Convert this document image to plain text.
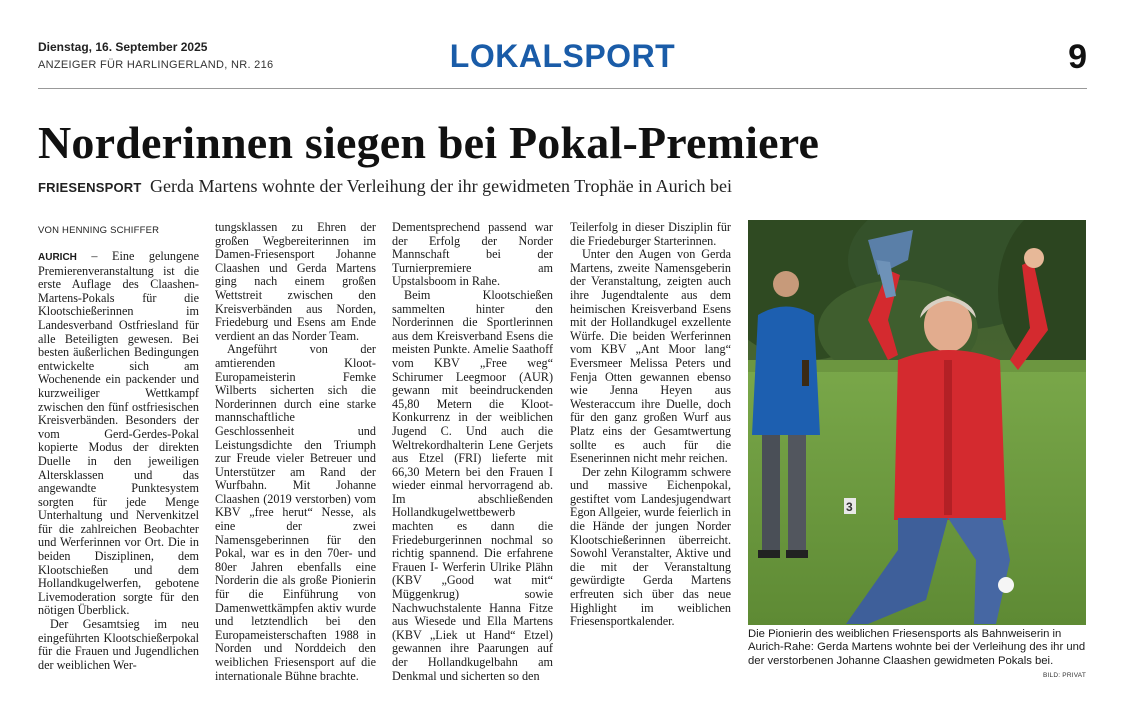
Dienstag, 16. September 2025
ANZEIGER FÜR HARLINGERLAND, NR. 216	LOKALSPORT	9
Norderinnen siegen bei Pokal-Premiere
FRIESENSPORT Gerda Martens wohnte der Verleihung der ihr gewidmeten Trophäe in Aurich bei
VON HENNING SCHIFFER

AURICH – Eine gelungene Premierenveranstaltung ist die erste Auflage des Claashen-Martens-Pokals für die Klootschießerinnen im Landesverband Ostfriesland für alle Beteiligten gewesen. Bei besten äußerlichen Bedingungen entwickelte sich am Wochenende ein packender und kurzweiliger Wettkampf zwischen den fünf ostfriesischen Kreisverbänden. Besonders der vom Gerd-Gerdes-Pokal kopierte Modus der direkten Duelle in den jeweiligen Altersklassen und das angewandte Punktesystem sorgten für jede Menge Unterhaltung und Nervenkitzel für die zahlreichen Beobachter und Werferinnen vor Ort. Die in beiden Disziplinen, dem Klootschießen und dem Hollandkugelwerfen, gebotene Livemoderation sorgte für den nötigen Überblick.

Der Gesamtsieg im neu eingeführten Klootschießerpokal für die Frauen und Jugendlichen der weiblichen Wer-

tungsklassen zu Ehren der großen Wegbereiterinnen im Damen-Friesensport Johanne Claashen und Gerda Martens ging nach einem großen Wettstreit zwischen den Kreisverbänden aus Norden, Friedeburg und Esens am Ende verdient an das Norder Team.

Angeführt von der amtierenden Kloot-Europameisterin Femke Wilberts sicherten sich die Norderinnen durch eine starke mannschaftliche Geschlossenheit und Leistungsdichte den Triumph zur Freude vieler Betreuer und Unterstützer am Rand der Wurfbahn. Mit Johanne Claashen (2019 verstorben) vom KBV „free herut“ Nesse, als eine der zwei Namensgeberinnen für den Pokal, war es in den 70er- und 80er Jahren ebenfalls eine Norderin die als große Pionierin für die Einführung von Damenwettkämpfen aktiv wurde und letztendlich bei den Europameisterschaften 1988 in Norden und Norddeich den weiblichen Friesensport auf die internationale Bühne brachte.

Dementsprechend passend war der Erfolg der Norder Mannschaft bei der Turnierpremiere am Upstalsboom in Rahe.

Beim Klootschießen sammelten hinter den Norderinnen die Sportlerinnen aus dem Kreisverband Esens die meisten Punkte. Amelie Saathoff vom KBV „Free weg“ Schirumer Leegmoor (AUR) gewann mit beeindruckenden 45,80 Metern die Kloot-Konkurrenz in der weiblichen Jugend C. Und auch die Weltrekordhalterin Lene Gerjets aus Etzel (FRI) lieferte mit 66,30 Metern bei den Frauen I wieder einmal hervorragend ab. Im abschließenden Hollandkugelwettbewerb machten es dann die Friedeburgerinnen nochmal so richtig spannend. Die erfahrene Frauen I- Werferin Ulrike Plähn (KBV „Good wat mit“ Müggenkrug) sowie Nachwuchstalente Hanna Fitze aus Wiesede und Ella Martens (KBV „Liek ut Hand“ Etzel) gewannen ihre Paarungen auf der Hollandkugelbahn am Denkmal und sicherten so den

Teilerfolg in dieser Disziplin für die Friedeburger Starterinnen.

Unter den Augen von Gerda Martens, zweite Namensgeberin der Veranstaltung, zeigten auch ihre Jugendtalente aus dem heimischen Kreisverband Esens mit der Hollandkugel exzellente Würfe. Die beiden Werferinnen vom KBV „Ant Moor lang“ Eversmeer Melissa Peters und Fenja Otten gewannen ebenso wie Jenna Heyen aus Westeraccum ihre Duelle, doch für den ganz großen Wurf aus Platz eins der Gesamtwertung sollte es auch für die Esenerinnen nicht mehr reichen.

Der zehn Kilogramm schwere und massive Eichenpokal, gestiftet vom Landesjugendwart Egon Allgeier, wurde feierlich in die Hände der jungen Norder Klootschießerinnen überreicht. Sowohl Veranstalter, Aktive und die mit der Veranstaltung gewürdigte Gerda Martens erfreuten sich über das neue Highlight im weiblichen Friesensportkalender.

3
Die Pionierin des weiblichen Friesensports als Bahnweiserin in Aurich-Rahe: Gerda Martens wohnte bei der Verleihung des ihr und der verstorbenen Johanne Claashen gewidmeten Pokals bei.
BILD: PRIVAT
